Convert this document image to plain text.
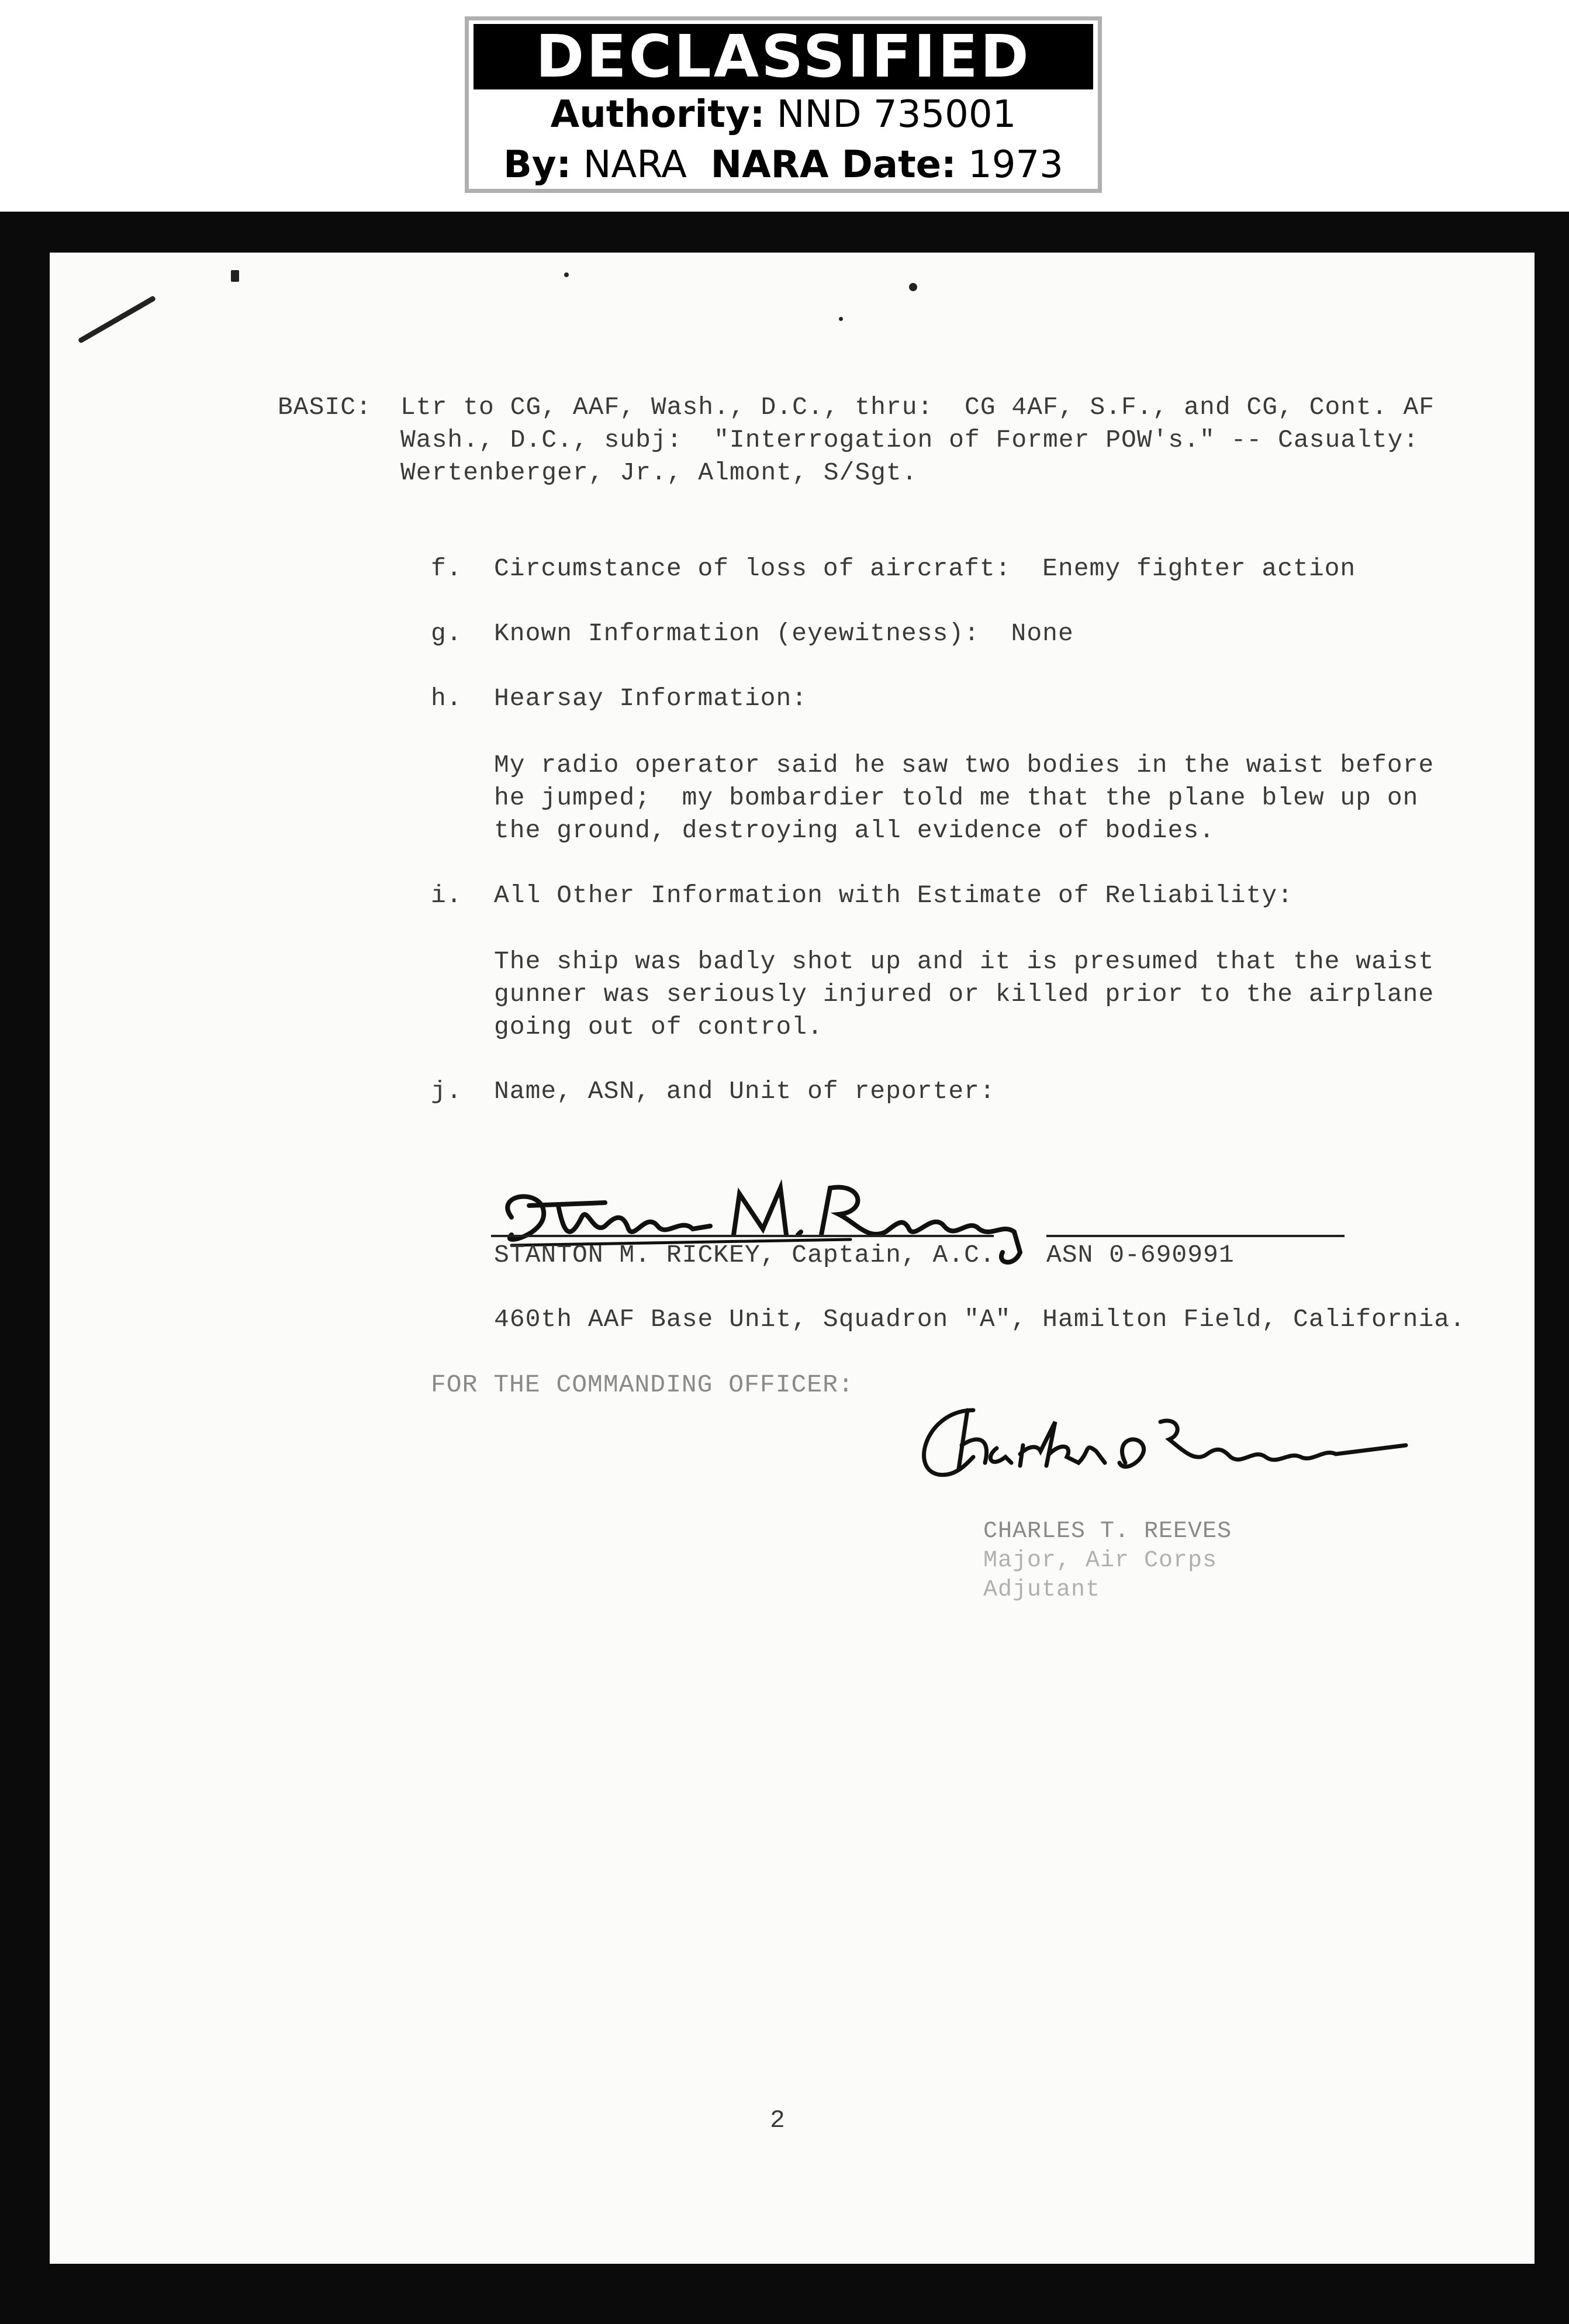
DECLASSIFIED
Authority: NND 735001
By: NARA NARA Date: 1973
BASIC: Ltr to CG, AAF, Wash., D.C., thru:  CG 4AF, S.F., and CG, Cont. AF
Wash., D.C., subj:  "Interrogation of Former POW's." -- Casualty:
Wertenberger, Jr., Almont, S/Sgt.
f. Circumstance of loss of aircraft:  Enemy fighter action
g. Known Information (eyewitness):  None
h. Hearsay Information:
My radio operator said he saw two bodies in the waist before
he jumped;  my bombardier told me that the plane blew up on
the ground, destroying all evidence of bodies.
i. All Other Information with Estimate of Reliability:
The ship was badly shot up and it is presumed that the waist
gunner was seriously injured or killed prior to the airplane
going out of control.
j. Name, ASN, and Unit of reporter:
STANTON M. RICKEY, Captain, A.C. ASN 0-690991
460th AAF Base Unit, Squadron "A", Hamilton Field, California.
FOR THE COMMANDING OFFICER:
CHARLES T. REEVES
Major, Air Corps
Adjutant
2
